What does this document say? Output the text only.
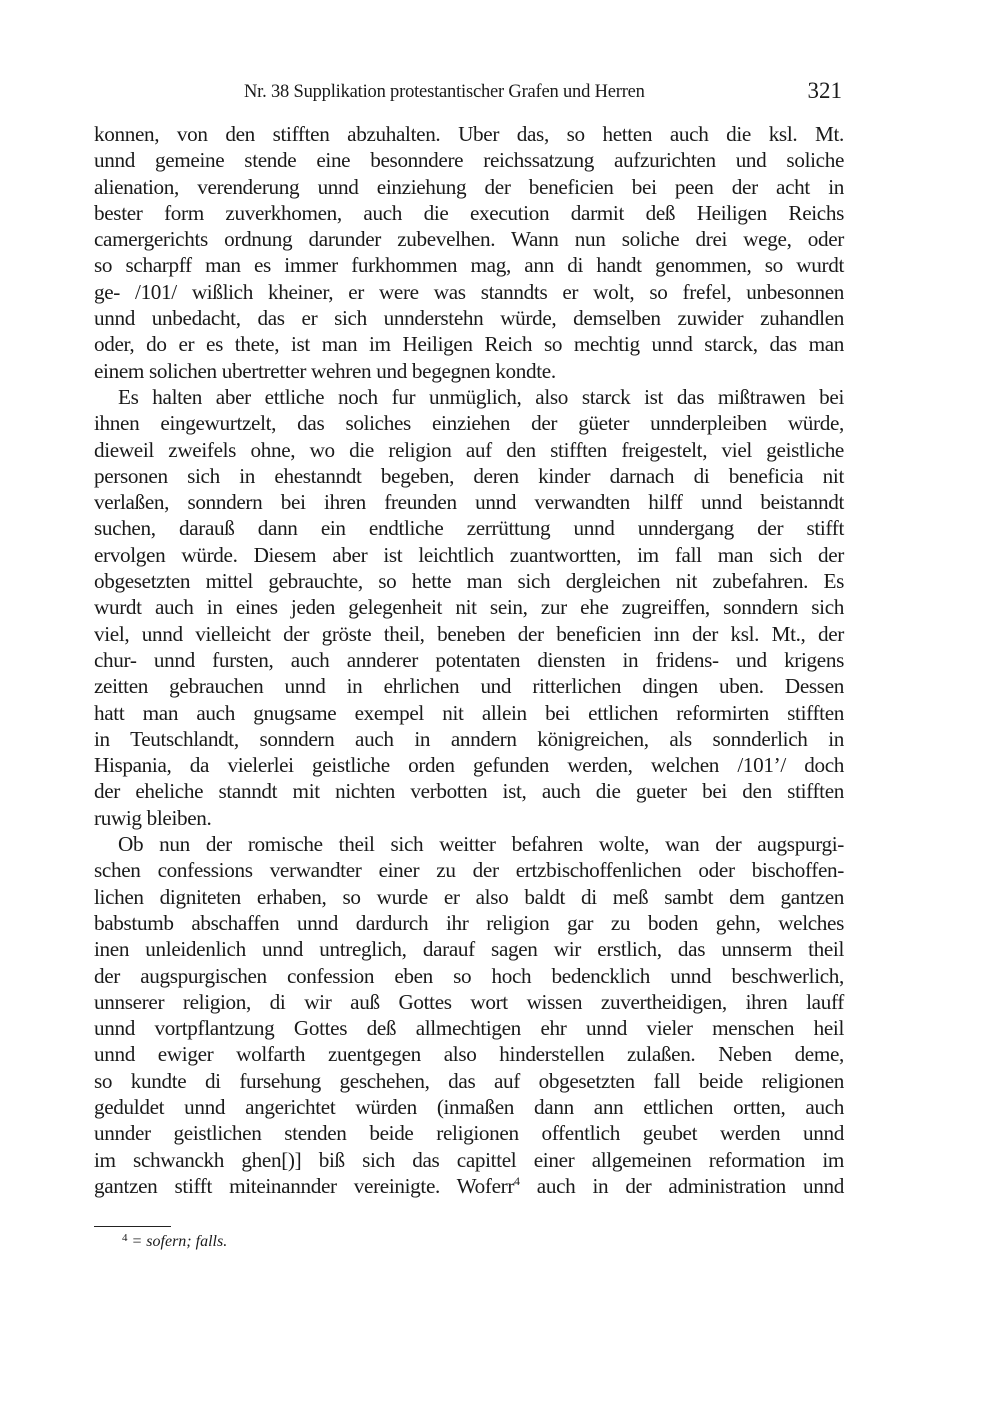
Nr. 38 Supplikation protestantischer Grafen und Herren	321
konnen, von den stifften abzuhalten. Uber das, so hetten auch die ksl. Mt.
unnd gemeine stende eine besonndere reichssatzung aufzurichten und soliche
alienation, verenderung unnd einziehung der beneficien bei peen der acht in
bester form zuverkhomen, auch die execution darmit deß Heiligen Reichs
camergerichts ordnung darunder zubevelhen. Wann nun soliche drei wege, oder
so scharpff man es immer furkhommen mag, ann di handt genommen, so wurdt
ge- /101/ wißlich kheiner, er were was stanndts er wolt, so frefel, unbesonnen
unnd unbedacht, das er sich unnderstehn würde, demselben zuwider zuhandlen
oder, do er es thete, ist man im Heiligen Reich so mechtig unnd starck, das man
einem solichen ubertretter wehren und begegnen kondte.
Es halten aber ettliche noch fur unmüglich, also starck ist das mißtrawen bei
ihnen eingewurtzelt, das soliches einziehen der güeter unnderpleiben würde,
dieweil zweifels ohne, wo die religion auf den stifften freigestelt, viel geistliche
personen sich in ehestanndt begeben, deren kinder darnach di beneficia nit
verlaßen, sonndern bei ihren freunden unnd verwandten hilff unnd beistanndt
suchen, darauß dann ein endtliche zerrüttung unnd unndergang der stifft
ervolgen würde. Diesem aber ist leichtlich zuantwortten, im fall man sich der
obgesetzten mittel gebrauchte, so hette man sich dergleichen nit zubefahren. Es
wurdt auch in eines jeden gelegenheit nit sein, zur ehe zugreiffen, sonndern sich
viel, unnd vielleicht der gröste theil, beneben der beneficien inn der ksl. Mt., der
chur- unnd fursten, auch annderer potentaten diensten in fridens- und krigens
zeitten gebrauchen unnd in ehrlichen und ritterlichen dingen uben. Dessen
hatt man auch gnugsame exempel nit allein bei ettlichen reformirten stifften
in Teutschlandt, sonndern auch in anndern königreichen, als sonnderlich in
Hispania, da vielerlei geistliche orden gefunden werden, welchen /101’/ doch
der eheliche stanndt mit nichten verbotten ist, auch die gueter bei den stifften
ruwig bleiben.
Ob nun der romische theil sich weitter befahren wolte, wan der augspurgi-
schen confessions verwandter einer zu der ertzbischoffenlichen oder bischoffen-
lichen digniteten erhaben, so wurde er also baldt di meß sambt dem gantzen
babstumb abschaffen unnd dardurch ihr religion gar zu boden gehn, welches
inen unleidenlich unnd untreglich, darauf sagen wir erstlich, das unnserm theil
der augspurgischen confession eben so hoch bedencklich unnd beschwerlich,
unnserer religion, di wir auß Gottes wort wissen zuvertheidigen, ihren lauff
unnd vortpflantzung Gottes deß allmechtigen ehr unnd vieler menschen heil
unnd ewiger wolfarth zuentgegen also hinderstellen zulaßen. Neben deme,
so kundte di fursehung geschehen, das auf obgesetzten fall beide religionen
geduldet unnd angerichtet würden (inmaßen dann ann ettlichen ortten, auch
unnder geistlichen stenden beide religionen offentlich geubet werden unnd
im schwanckh ghen[)] biß sich das capittel einer allgemeinen reformation im
gantzen stifft miteinannder vereinigte. Woferr$^4$ auch in der administration unnd
$^4$ = sofern; falls.
